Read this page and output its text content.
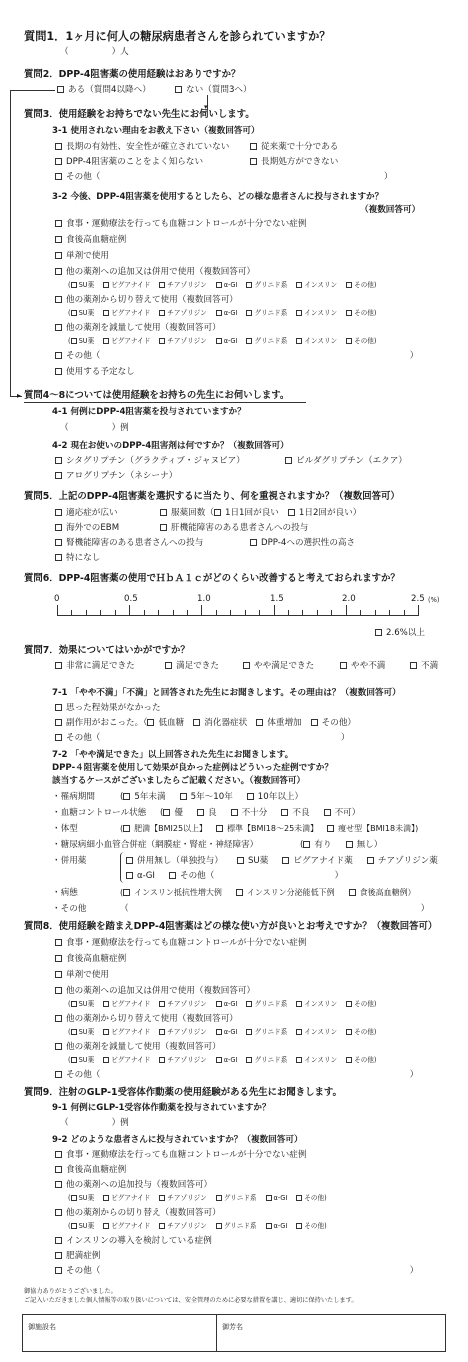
質問1．1ヶ月に何人の糖尿病患者さんを診られていますか？
（　　　　　）人
質問2．DPP-4阻害薬の使用経験はおありですか？
ある（質問4以降へ）	ない（質問3へ）
▸
▾
質問3．使用経験をお持ちでない先生にお伺いします。
3-1 使用されない理由をお教え下さい（複数回答可）
長期の有効性、安全性が確立されていない	従来薬で十分である
DPP-4阻害薬のことをよく知らない	長期処方ができない
その他（　　　　　　　　　　　　　　　　　　　　　　　　　　　　　　　　　）
3-2 今後、DPP-4阻害薬を使用するとしたら、どの様な患者さんに投与されますか？
（複数回答可）
食事・運動療法を行っても血糖コントロールが十分でない症例
食後高血糖症例
単剤で使用
他の薬剤への追加又は併用で使用（複数回答可）
( SU薬	ビグアナイド	チアゾリジン	α-GI	グリニド系	インスリン	その他)
他の薬剤から切り替えて使用（複数回答可）
( SU薬	ビグアナイド	チアゾリジン	α-GI	グリニド系	インスリン	その他)
他の薬剤を減量して使用（複数回答可）
( SU薬	ビグアナイド	チアゾリジン	α-GI	グリニド系	インスリン	その他)
その他（　　　　　　　　　　　　　　　　　　　　　　　　　　　　　　　　　　　　）
使用する予定なし
質問4～8については使用経験をお持ちの先生にお伺いします。
4-1 何例にDPP-4阻害薬を投与されていますか？
（　　　　　）例
4-2 現在お使いのDPP-4阻害剤は何ですか？（複数回答可）
シタグリプチン（グラクティブ・ジャヌビア）	ビルダグリプチン（エクア）
アログリプチン（ネシーナ）
質問5．上記のDPP-4阻害薬を選択するに当たり、何を重視されますか？（複数回答可）
適応症が広い	服薬回数（ 1日1回が良い 1日2回が良い）
海外でのEBM	肝機能障害のある患者さんへの投与
腎機能障害のある患者さんへの投与	DPP-4への選択性の高さ
特になし
質問6．DPP-4阻害薬の使用でＨｂＡ１ｃがどのくらい改善すると考えておられますか？
0	0.5	1.0	1.5	2.0	2.5 (%)
2.6%以上
質問7．効果についてはいかがですか？
非常に満足できた	満足できた	やや満足できた	やや不満	不満
7-1 「やや不満」「不満」と回答された先生にお聞きします。その理由は？（複数回答可）
思った程効果がなかった
副作用がおこった。（ 低血糖 消化器症状 体重増加 その他）
その他（　　　　　　　　　　　　　　　　　　　　　　　　　　　　）
7-2 「やや満足できた」以上回答された先生にお聞きします。
DPP-４阻害薬を使用して効果が良かった症例はどういった症例ですか？
該当するケースがございましたらご記載ください。（複数回答可）
・罹病期間	( 5年未満	5年～10年	10年以上）
・血糖コントロール状態 ( 優	良	不十分	不良	不可）
・体型	( 肥満【BMI25以上】	標準【BMI18～25未満】	痩せ型【BMI18未満】)
・糖尿病細小血管合併症（網膜症・腎症・神経障害）	( 有り	無し）
・併用薬	併用無し（単独投与）	SU薬	ビグアナイド薬	チアゾリジン薬
α-GI	その他（　　　　　　　　　　　　　　）
・病態	( インスリン抵抗性増大例	インスリン分泌能低下例	食後高血糖例）
・その他	（　　　　　　　　　　　　　　　　　　　　　　　　　　　　　　　　　　）
質問8．使用経験を踏まえDPP-4阻害薬はどの様な使い方が良いとお考えですか？（複数回答可）
食事・運動療法を行っても血糖コントロールが十分でない症例
食後高血糖症例
単剤で使用
他の薬剤への追加又は併用で使用（複数回答可）
( SU薬	ビグアナイド	チアゾリジン	α-GI	グリニド系	インスリン	その他)
他の薬剤から切り替えて使用（複数回答可）
( SU薬	ビグアナイド	チアゾリジン	α-GI	グリニド系	インスリン	その他)
他の薬剤を減量して使用（複数回答可）
( SU薬	ビグアナイド	チアゾリジン	α-GI	グリニド系	インスリン	その他)
その他（　　　　　　　　　　　　　　　　　　　　　　　　　　　　　　　　　　　　）
質問9．注射のGLP-1受容体作動薬の使用経験がある先生にお聞きします。
9-1 何例にGLP-1受容体作動薬を投与されていますか？
（　　　　　）例
9-2 どのような患者さんに投与されていますか？（複数回答可）
食事・運動療法を行っても血糖コントロールが十分でない症例
食後高血糖症例
他の薬剤への追加投与（複数回答可）
( SU薬	ビグアナイド	チアゾリジン	グリニド系	α-GI	その他)
他の薬剤からの切り替え（複数回答可）
( SU薬	ビグアナイド	チアゾリジン	グリニド系	α-GI	その他)
インスリンの導入を検討している症例
肥満症例
その他（　　　　　　　　　　　　　　　　　　　　　　　　　　　　　　　　　　　　）
御協力ありがとうございました。
ご記入いただきました個人情報等の取り扱いについては、安全管理のために必要な措置を講じ、適切に保持いたします。
御施設名	御芳名
